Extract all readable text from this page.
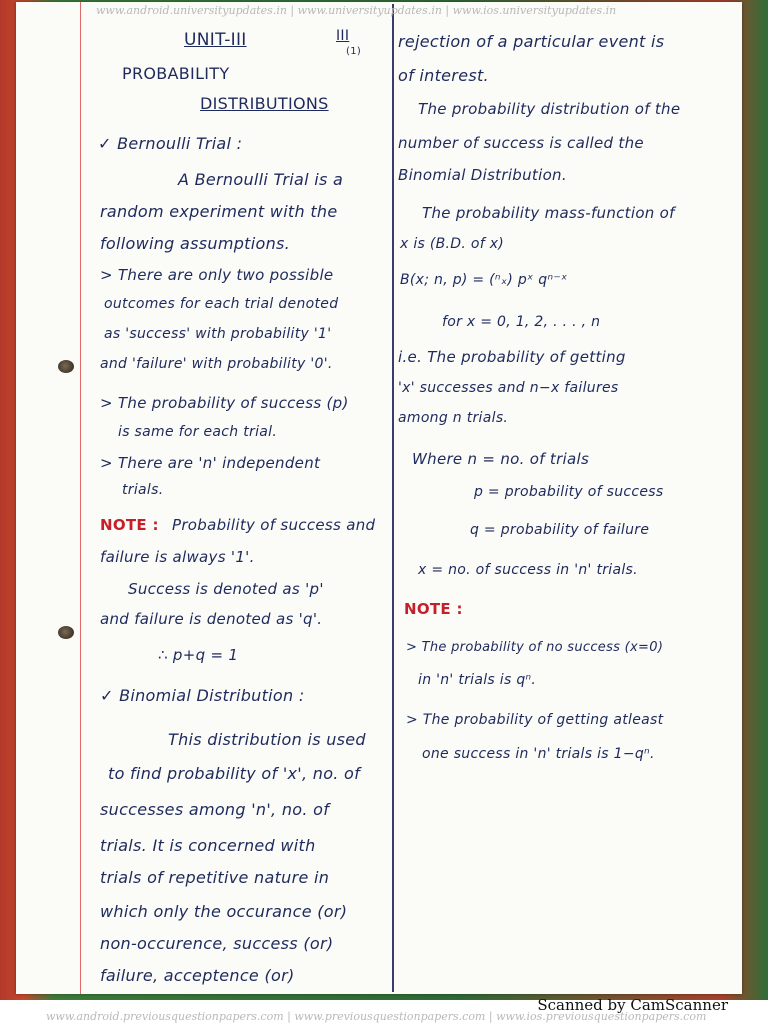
www.android.universityupdates.in | www.universityupdates.in | www.ios.universityupdates.in
UNIT-III	III
(1)
PROBABILITY
DISTRIBUTIONS
✓ Bernoulli Trial :
A Bernoulli Trial is a
random experiment with the
following assumptions.
> There are only two possible
outcomes for each trial denoted
as 'success' with probability '1'
and 'failure' with probability '0'.
> The probability of success (p)
is same for each trial.
> There are 'n' independent
trials.
NOTE : Probability of success and
failure is always '1'.
Success is denoted as 'p'
and failure is denoted as 'q'.
∴ p+q = 1
✓ Binomial Distribution :
This distribution is used
to find probability of 'x', no. of
successes among 'n', no. of
trials. It is concerned with
trials of repetitive nature in
which only the occurance (or)
non-occurence, success (or)
failure, acceptence (or)
rejection of a particular event is
of interest.
The probability distribution of the
number of success is called the
Binomial Distribution.
The probability mass-function of
x is (B.D. of x)
B(x; n, p) = (ⁿₓ) pˣ qⁿ⁻ˣ
for x = 0, 1, 2, . . . , n
i.e. The probability of getting
'x' successes and n−x failures
among n trials.
Where n = no. of trials
p = probability of success
q = probability of failure
x = no. of success in 'n' trials.
NOTE :
> The probability of no success (x=0)
in 'n' trials is qⁿ.
> The probability of getting atleast
one success in 'n' trials is 1−qⁿ.
Scanned by CamScanner
www.android.previousquestionpapers.com | www.previousquestionpapers.com | www.ios.previousquestionpapers.com
